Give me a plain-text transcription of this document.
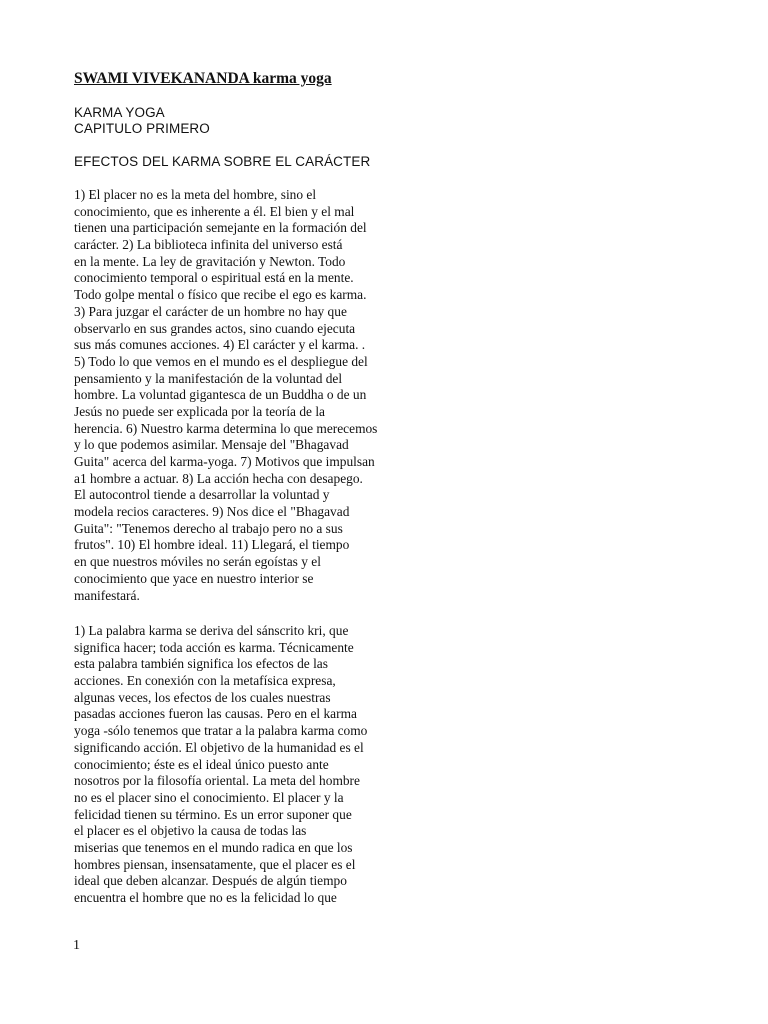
SWAMI VIVEKANANDA karma yoga
KARMA YOGA
CAPITULO PRIMERO
EFECTOS DEL KARMA SOBRE EL CARÁCTER
1) El placer no es la meta del hombre, sino el
conocimiento, que es inherente a él. El bien y el mal
tienen una participación semejante en la formación del
carácter. 2) La biblioteca infinita del universo está
en la mente. La ley de gravitación y Newton. Todo
conocimiento temporal o espiritual está en la mente.
Todo golpe mental o físico que recibe el ego es karma.
3) Para juzgar el carácter de un hombre no hay que
observarlo en sus grandes actos, sino cuando ejecuta
sus más comunes acciones. 4) El carácter y el karma. .
5) Todo lo que vemos en el mundo es el despliegue del
pensamiento y la manifestación de la voluntad del
hombre. La voluntad gigantesca de un Buddha o de un
Jesús no puede ser explicada por la teoría de la
herencia. 6) Nuestro karma determina lo que merecemos
y lo que podemos asimilar. Mensaje del "Bhagavad
Guita" acerca del karma-yoga. 7) Motivos que impulsan
a1 hombre a actuar. 8) La acción hecha con desapego.
El autocontrol tiende a desarrollar la voluntad y
modela recios caracteres. 9) Nos dice el "Bhagavad
Guita": "Tenemos derecho al trabajo pero no a sus
frutos". 10) El hombre ideal. 11) Llegará, el tiempo
en que nuestros móviles no serán egoístas y el
conocimiento que yace en nuestro interior se
manifestará.
1) La palabra karma se deriva del sánscrito kri, que
significa hacer; toda acción es karma. Técnicamente
esta palabra también significa los efectos de las
acciones. En conexión con la metafísica expresa,
algunas veces, los efectos de los cuales nuestras
pasadas acciones fueron las causas. Pero en el karma
yoga -sólo tenemos que tratar a la palabra karma como
significando acción. El objetivo de la humanidad es el
conocimiento; éste es el ideal único puesto ante
nosotros por la filosofía oriental. La meta del hombre
no es el placer sino el conocimiento. El placer y la
felicidad tienen su término. Es un error suponer que
el placer es el objetivo la causa de todas las
miserias que tenemos en el mundo radica en que los
hombres piensan, insensatamente, que el placer es el
ideal que deben alcanzar. Después de algún tiempo
encuentra el hombre que no es la felicidad lo que
1
